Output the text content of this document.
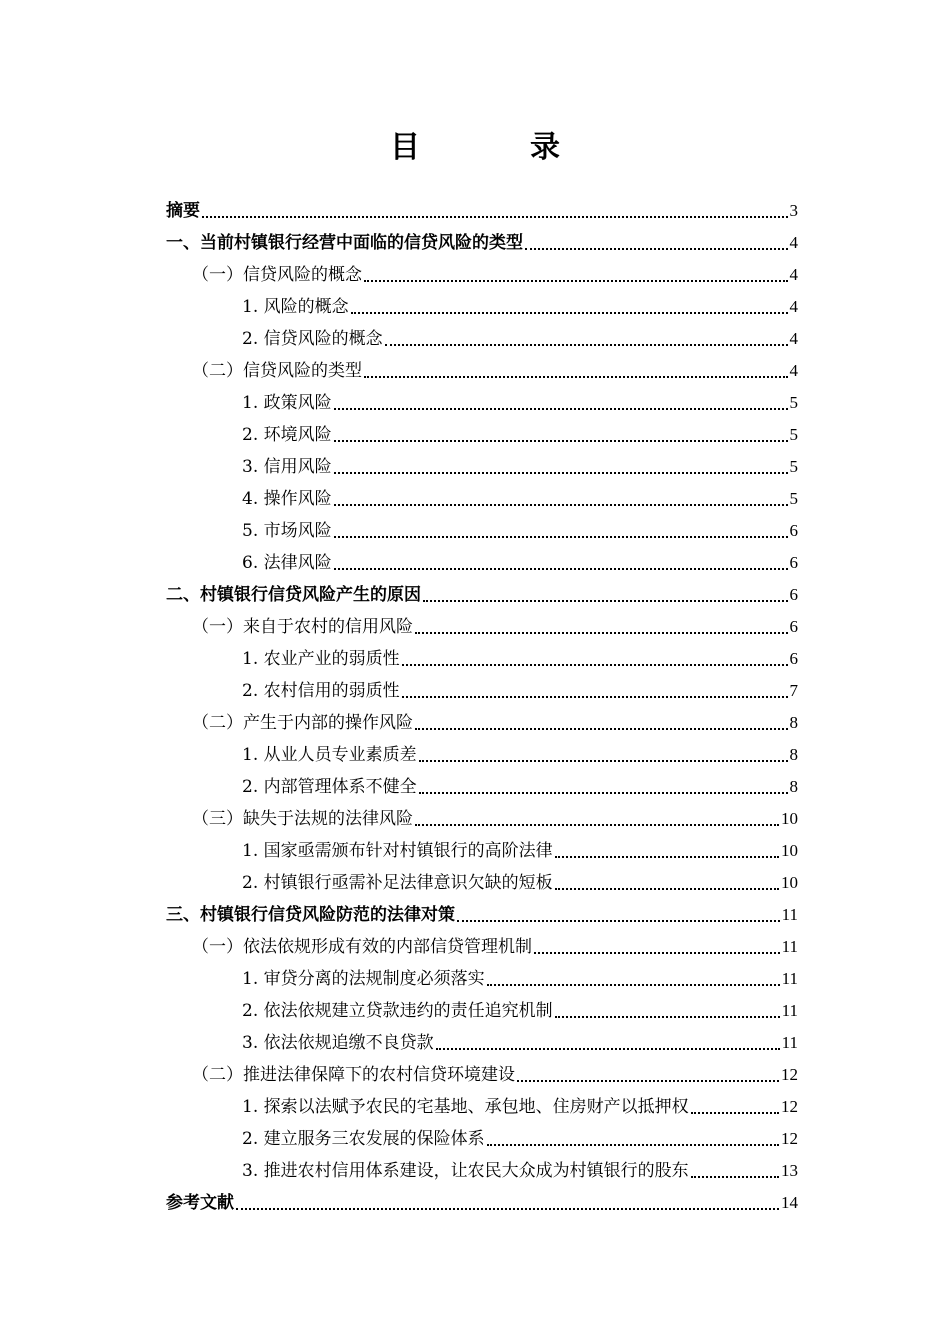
目　录
摘要	3
一、当前村镇银行经营中面临的信贷风险的类型	4
（一）信贷风险的概念	4
1. 风险的概念	4
2. 信贷风险的概念	4
（二）信贷风险的类型	4
1. 政策风险	5
2. 环境风险	5
3. 信用风险	5
4. 操作风险	5
5. 市场风险	6
6. 法律风险	6
二、村镇银行信贷风险产生的原因	6
（一）来自于农村的信用风险	6
1. 农业产业的弱质性	6
2. 农村信用的弱质性	7
（二）产生于内部的操作风险	8
1. 从业人员专业素质差	8
2. 内部管理体系不健全	8
（三）缺失于法规的法律风险	10
1. 国家亟需颁布针对村镇银行的高阶法律	10
2. 村镇银行亟需补足法律意识欠缺的短板	10
三、村镇银行信贷风险防范的法律对策	11
（一）依法依规形成有效的内部信贷管理机制	11
1. 审贷分离的法规制度必须落实	11
2. 依法依规建立贷款违约的责任追究机制	11
3. 依法依规追缴不良贷款	11
（二）推进法律保障下的农村信贷环境建设	12
1. 探索以法赋予农民的宅基地、承包地、住房财产以抵押权	12
2. 建立服务三农发展的保险体系	12
3. 推进农村信用体系建设，让农民大众成为村镇银行的股东	13
参考文献	14
